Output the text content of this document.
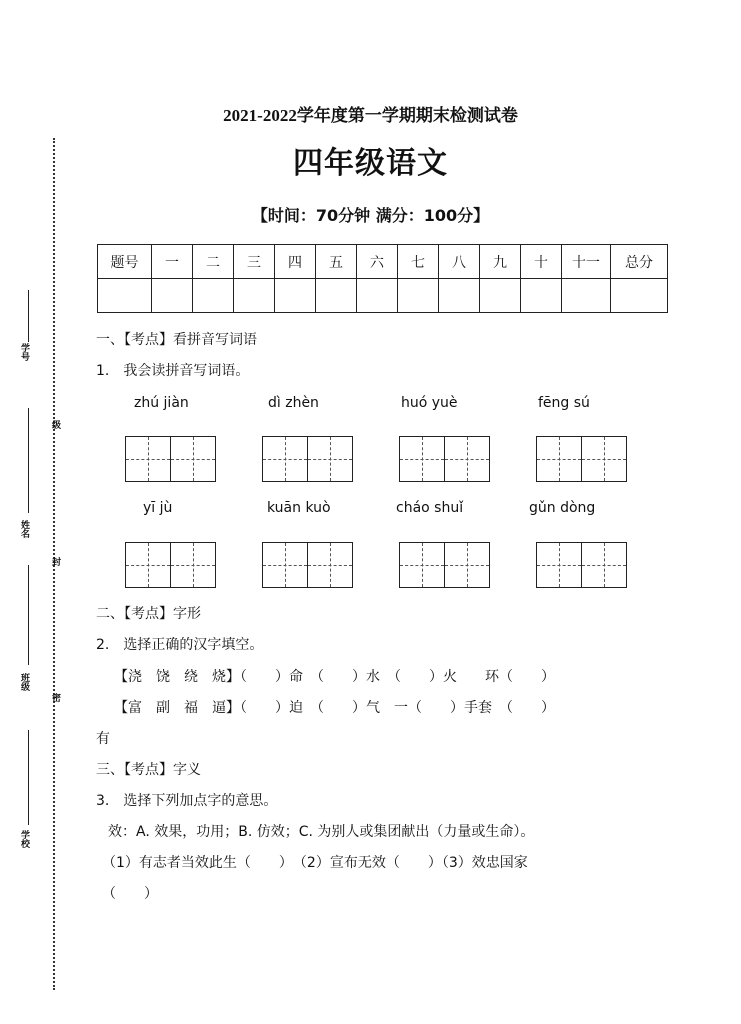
学号
级
姓名
封
班级
密
学校
2021-2022学年度第一学期期末检测试卷
四年级语文
【时间：70分钟 满分：100分】
题号	一	二	三	四	五	六	七	八	九	十	十一	总分

一、【考点】看拼音写词语
1.　我会读拼音写词语。
zhú jiàn	dì zhèn	huó yuè	fēng sú
yī jù	kuān kuò	cháo shuǐ	gǔn dòng
二、【考点】字形
2.　选择正确的汉字填空。
【浇　饶　绕　烧】（　　）命　（　　）水　（　　）火　　环（　　）
【富　副　福　逼】（　　）迫　（　　）气　一（　　）手套　（　　）
有
三、【考点】字义
3.　选择下列加点字的意思。
效：A. 效果，功用；B. 仿效；C. 为别人或集团献出（力量或生命）。
（1）有志者当效此生（　　）　（2）宣布无效（　　）（3）效忠国家
（　　）
